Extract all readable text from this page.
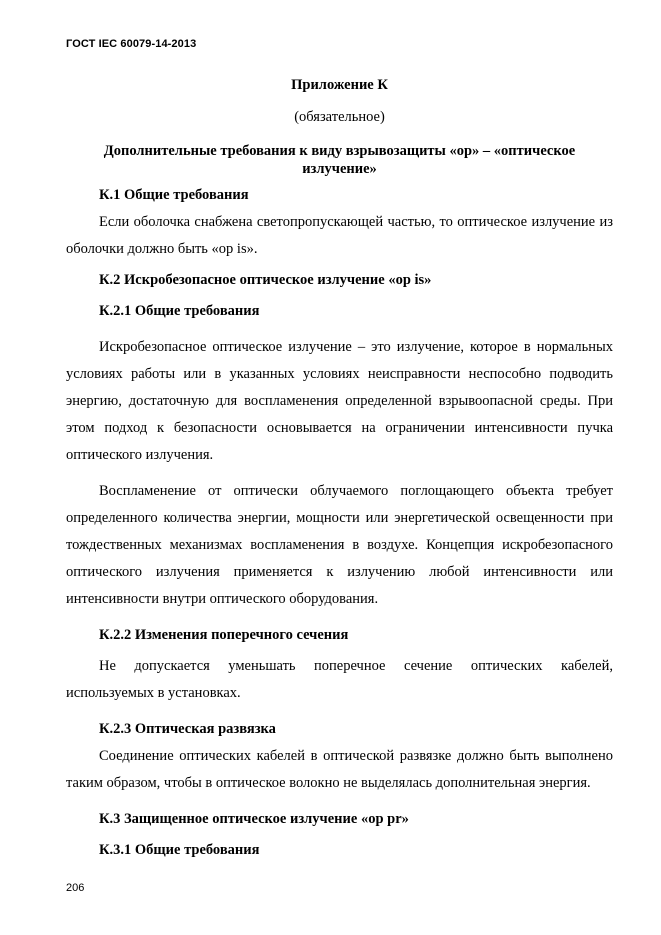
ГОСТ IEC 60079-14-2013
Приложение К
(обязательное)
Дополнительные требования к виду взрывозащиты «op» – «оптическое излучение»
К.1 Общие требования

Если оболочка снабжена светопропускающей частью, то оптическое излучение из оболочки должно быть «op is».

К.2 Искробезопасное оптическое излучение «op is»
К.2.1 Общие требования

Искробезопасное оптическое излучение – это излучение, которое в нормальных условиях работы или в указанных условиях неисправности неспособно подводить энергию, достаточную для воспламенения определенной взрывоопасной среды. При этом подход к безопасности основывается на ограничении интенсивности пучка оптического излучения.

Воспламенение от оптически облучаемого поглощающего объекта требует определенного количества энергии, мощности или энергетической освещенности при тождественных механизмах воспламенения в воздухе. Концепция искробезопасного оптического излучения применяется к излучению любой интенсивности или интенсивности внутри оптического оборудования.

К.2.2 Изменения поперечного сечения

Не допускается уменьшать поперечное сечение оптических кабелей, используемых в установках.

К.2.3 Оптическая развязка

Соединение оптических кабелей в оптической развязке должно быть выполнено таким образом, чтобы в оптическое волокно не выделялась дополнительная энергия.

К.3 Защищенное оптическое излучение «op pr»
К.3.1 Общие требования
206
